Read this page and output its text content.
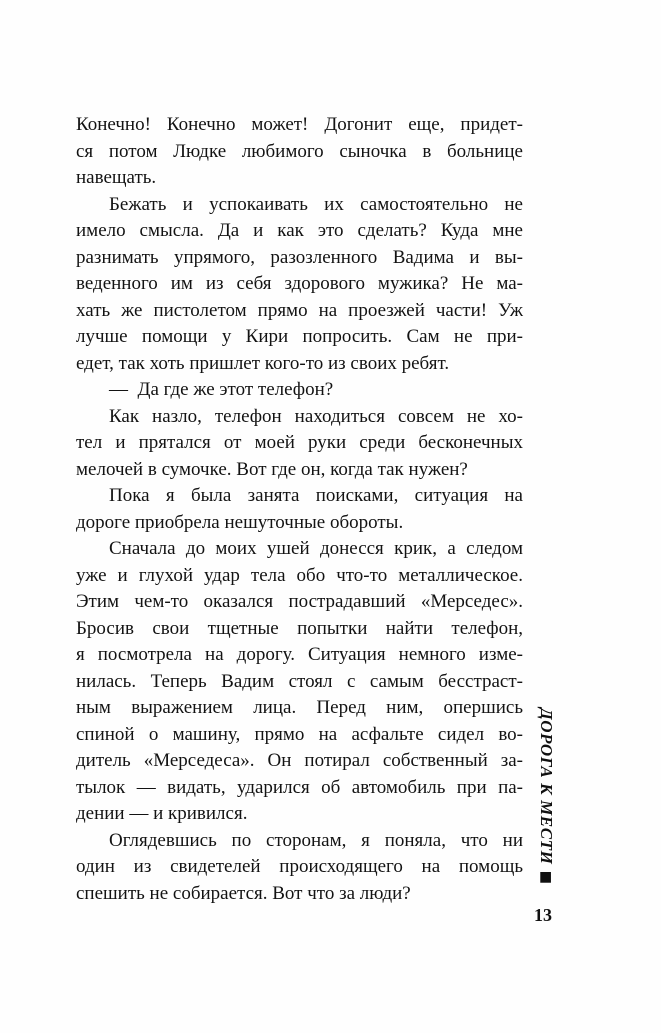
Конечно! Конечно может! Догонит еще, придет-
ся потом Людке любимого сыночка в больнице
навещать.
Бежать и успокаивать их самостоятельно не
имело смысла. Да и как это сделать? Куда мне
разнимать упрямого, разозленного Вадима и вы-
веденного им из себя здорового мужика? Не ма-
хать же пистолетом прямо на проезжей части! Уж
лучше помощи у Кири попросить. Сам не при-
едет, так хоть пришлет кого-то из своих ребят.
— Да где же этот телефон?
Как назло, телефон находиться совсем не хо-
тел и прятался от моей руки среди бесконечных
мелочей в сумочке. Вот где он, когда так нужен?
Пока я была занята поисками, ситуация на
дороге приобрела нешуточные обороты.
Сначала до моих ушей донесся крик, а следом
уже и глухой удар тела обо что-то металлическое.
Этим чем-то оказался пострадавший «Мерседес».
Бросив свои тщетные попытки найти телефон,
я посмотрела на дорогу. Ситуация немного изме-
нилась. Теперь Вадим стоял с самым бесстраст-
ным выражением лица. Перед ним, опершись
спиной о машину, прямо на асфальте сидел во-
дитель «Мерседеса». Он потирал собственный за-
тылок — видать, ударился об автомобиль при па-
дении — и кривился.
Оглядевшись по сторонам, я поняла, что ни
один из свидетелей происходящего на помощь
спешить не собирается. Вот что за люди?
ДОРОГА К МЕСТИ
■
13
